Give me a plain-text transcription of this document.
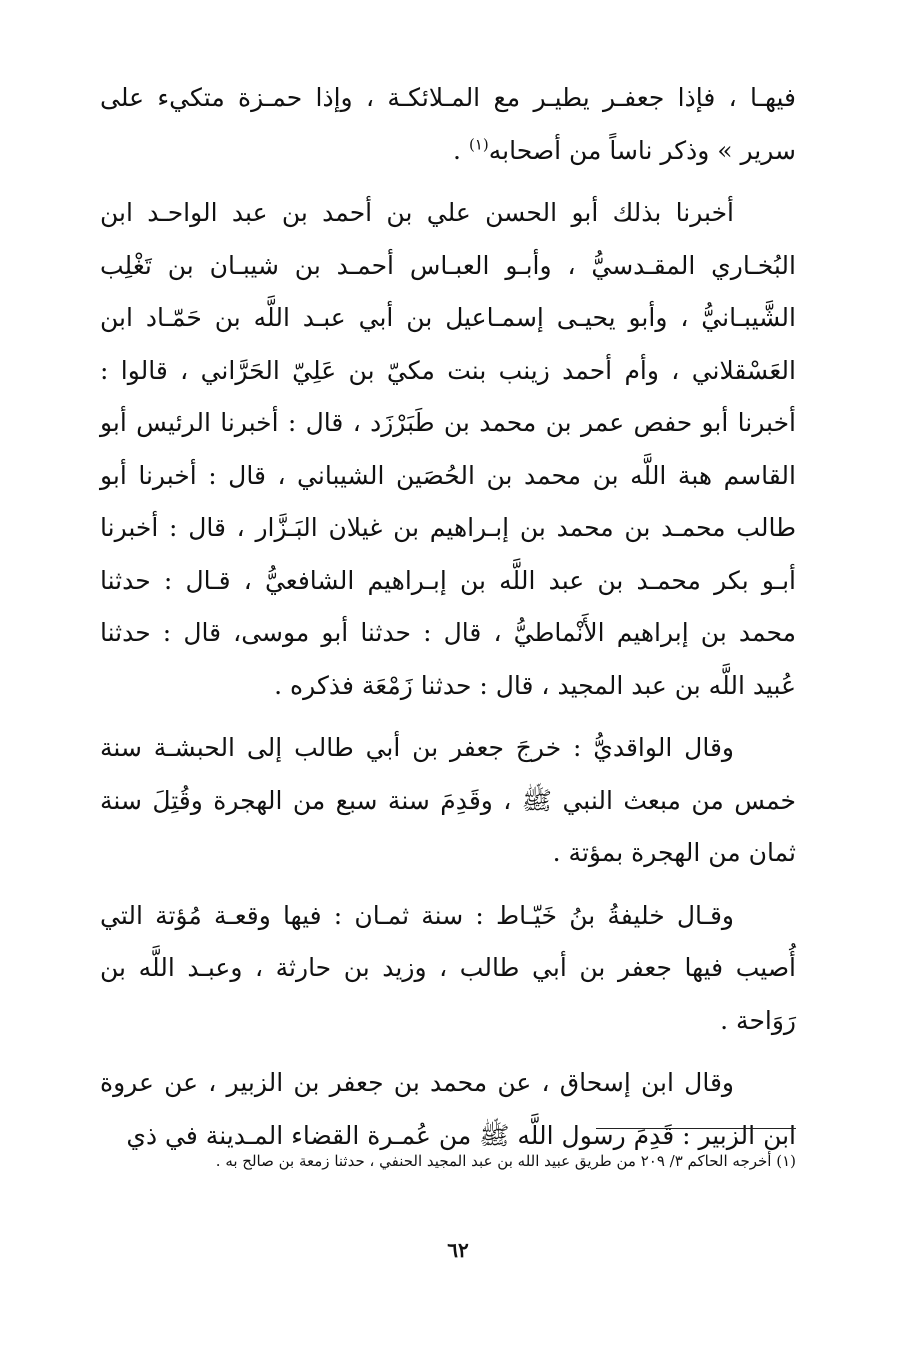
فيهـا ، فإذا جعفـر يطيـر مع المـلائكـة ، وإذا حمـزة متكيء على سرير » وذكر ناساً من أصحابه$^{(١)}$ .

أخبرنا بذلك أبو الحسن علي بن أحمد بن عبد الواحـد ابن البُخـاري المقـدسيُّ ، وأبـو العبـاس أحمـد بن شيبـان بن تَغْلِب الشَّيبـانيُّ ، وأبو يحيـى إسمـاعيل بن أبي عبـد اللَّه بن حَمّـاد ابن العَسْقلاني ، وأم أحمد زينب بنت مكيّ بن عَلِيّ الحَرَّاني ، قالوا : أخبرنا أبو حفص عمر بن محمد بن طَبَرْزَد ، قال : أخبرنا الرئيس أبو القاسم هبة اللَّه بن محمد بن الحُصَين الشيباني ، قال : أخبرنا أبو طالب محمـد بن محمد بن إبـراهيم بن غيلان البَـزَّار ، قال : أخبرنا أبـو بكر محمـد بن عبد اللَّه بن إبـراهيم الشافعيُّ ، قـال : حدثنا محمد بن إبراهيم الأَنْماطيُّ ، قال : حدثنا أبو موسى، قال : حدثنا عُبيد اللَّه بن عبد المجيد ، قال : حدثنا زَمْعَة فذكره .

وقال الواقديُّ : خرجَ جعفر بن أبي طالب إلى الحبشـة سنة خمس من مبعث النبي ﷺ ، وقَدِمَ سنة سبع من الهجرة وقُتِلَ سنة ثمان من الهجرة بمؤتة .

وقـال خليفةُ بنُ خَيّـاط : سنة ثمـان : فيها وقعـة مُؤتة التي أُصيب فيها جعفر بن أبي طالب ، وزيد بن حارثة ، وعبـد اللَّه بن رَوَاحة .

وقال ابن إسحاق ، عن محمد بن جعفر بن الزبير ، عن عروة ابن الزبير : قَدِمَ رسول اللَّه ﷺ من عُمـرة القضاء المـدينة في ذي

(١) أخرجه الحاكم ٣/ ٢٠٩ من طريق عبيد الله بن عبد المجيد الحنفي ، حدثنا زمعة بن صالح به .
٦٢
